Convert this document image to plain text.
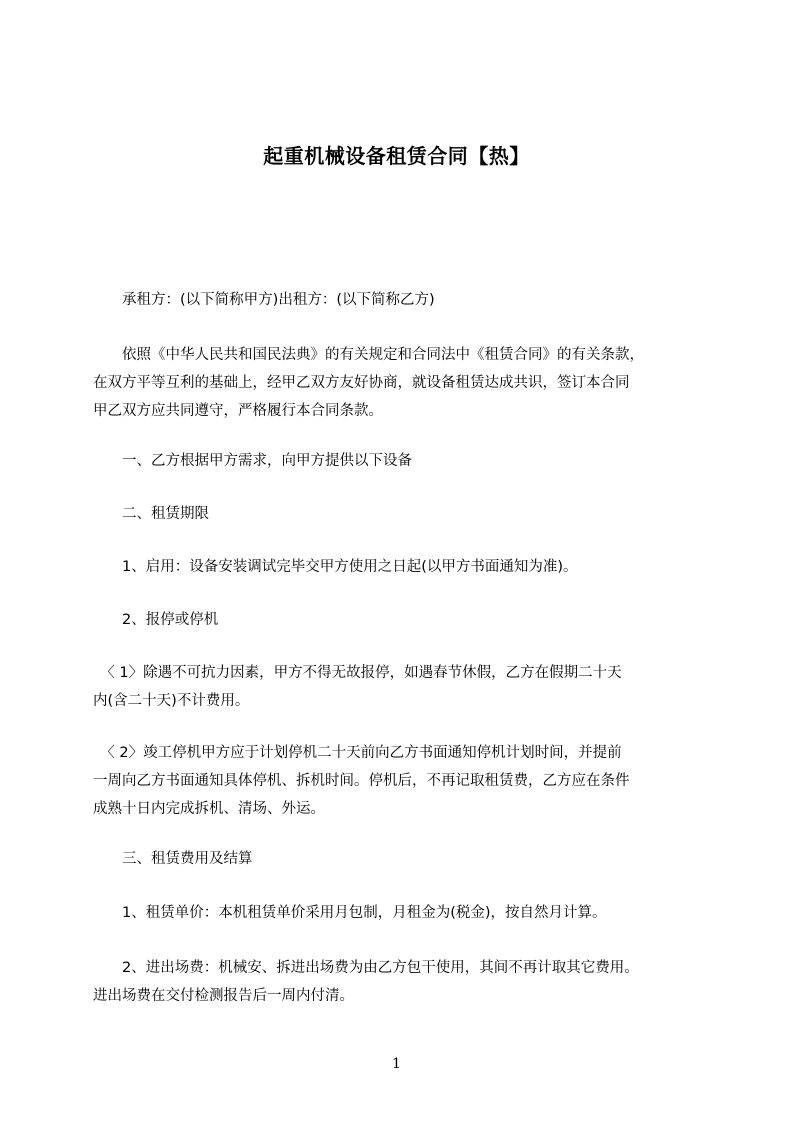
起重机械设备租赁合同【热】
　　承租方：(以下简称甲方)出租方：(以下简称乙方)
　　依照《中华人民共和国民法典》的有关规定和合同法中《租赁合同》的有关条款，
在双方平等互利的基础上，经甲乙双方友好协商，就设备租赁达成共识，签订本合同
甲乙双方应共同遵守，严格履行本合同条款。
　　一、乙方根据甲方需求，向甲方提供以下设备
　　二、租赁期限
　　1、启用：设备安装调试完毕交甲方使用之日起(以甲方书面通知为准)。
　　2、报停或停机
　〈 1〉除遇不可抗力因素，甲方不得无故报停，如遇春节休假，乙方在假期二十天
内(含二十天)不计费用。
　〈 2〉竣工停机甲方应于计划停机二十天前向乙方书面通知停机计划时间，并提前
一周向乙方书面通知具体停机、拆机时间。停机后，不再记取租赁费，乙方应在条件
成熟十日内完成拆机、清场、外运。
　　三、租赁费用及结算
　　1、租赁单价：本机租赁单价采用月包制，月租金为(税金)，按自然月计算。
　　2、进出场费：机械安、拆进出场费为由乙方包干使用，其间不再计取其它费用。
进出场费在交付检测报告后一周内付清。
1
